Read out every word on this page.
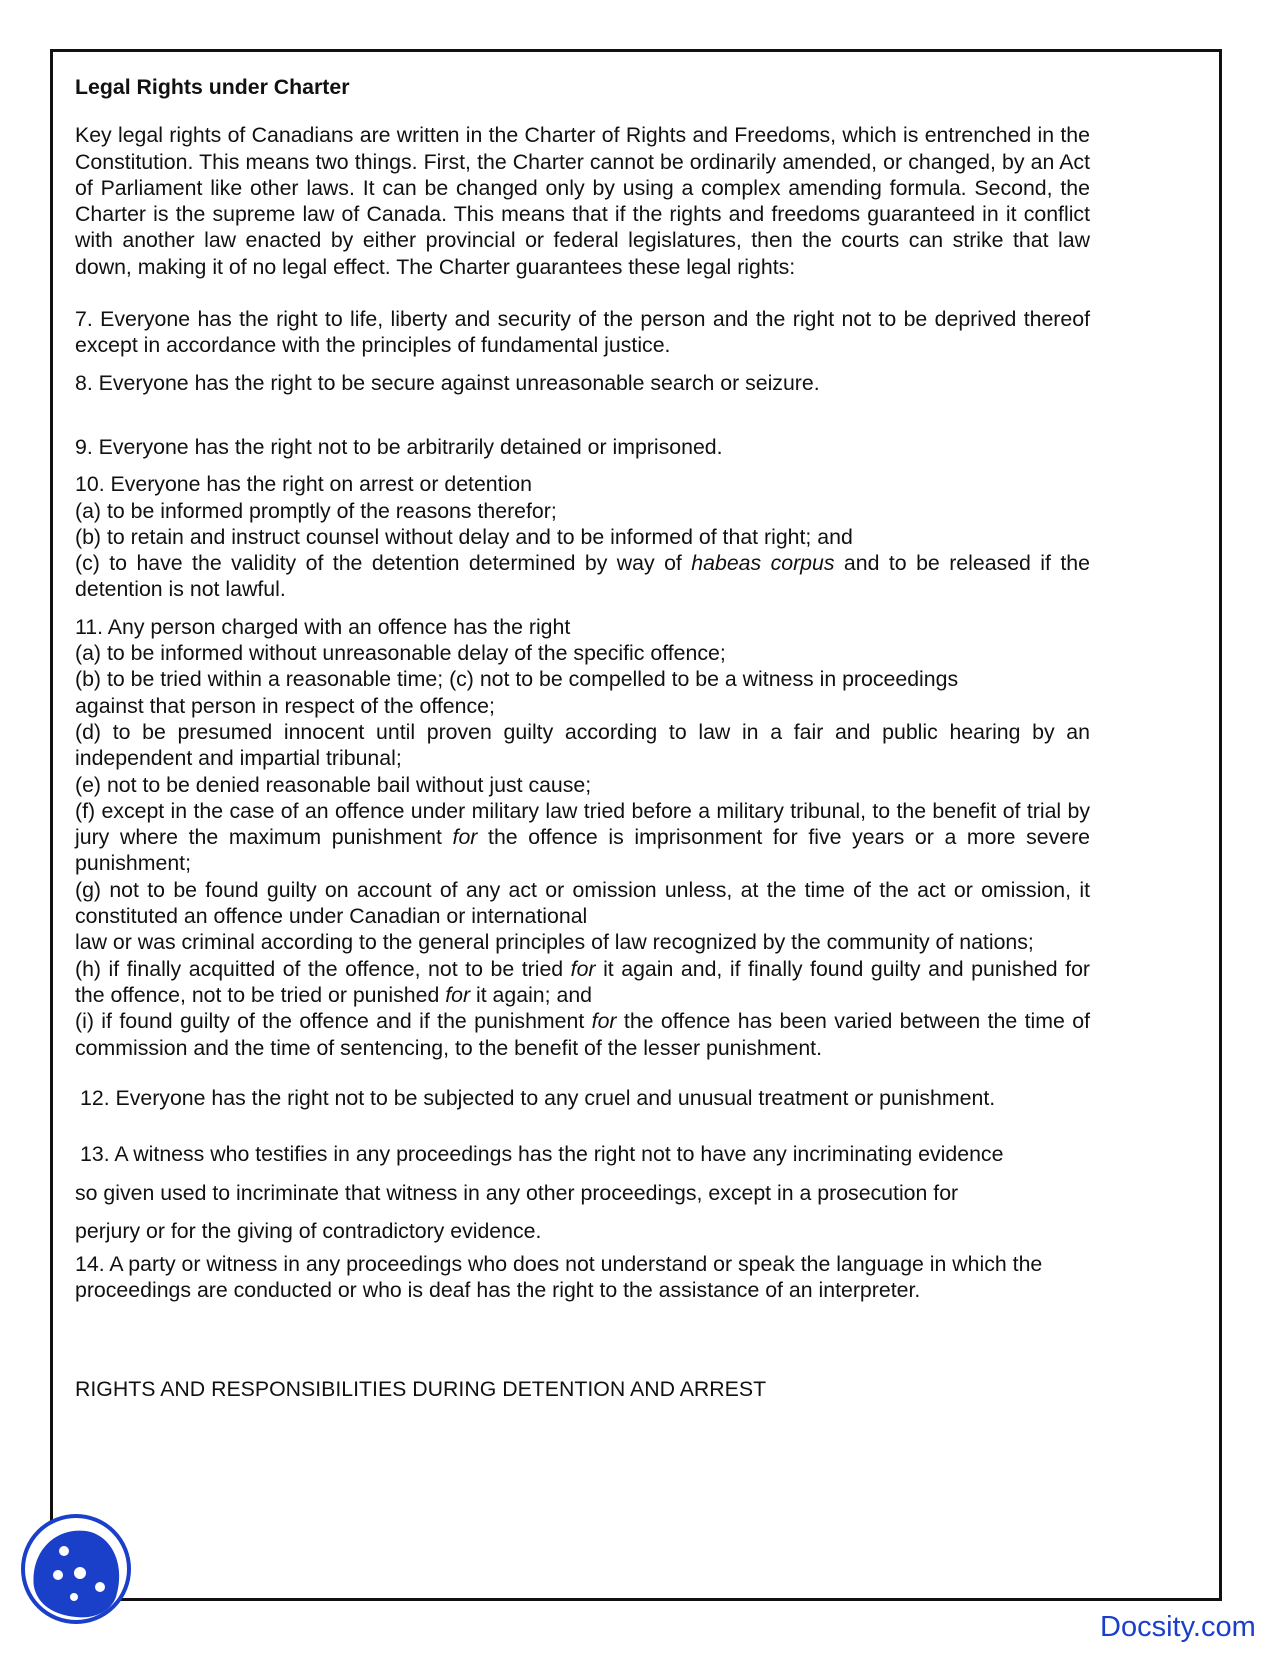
Legal Rights under Charter

Key legal rights of Canadians are written in the Charter of Rights and Freedoms, which is entrenched in the Constitution. This means two things. First, the Charter cannot be ordinarily amended, or changed, by an Act of Parliament like other laws. It can be changed only by using a complex amending formula. Second, the Charter is the supreme law of Canada. This means that if the rights and freedoms guaranteed in it conflict with another law enacted by either provincial or federal legislatures, then the courts can strike that law down, making it of no legal effect. The Charter guarantees these legal rights:

7. Everyone has the right to life, liberty and security of the person and the right not to be deprived thereof except in accordance with the principles of fundamental justice.

8. Everyone has the right to be secure against unreasonable search or seizure.

9. Everyone has the right not to be arbitrarily detained or imprisoned.

10. Everyone has the right on arrest or detention
(a) to be informed promptly of the reasons therefor;
(b) to retain and instruct counsel without delay and to be informed of that right; and
(c) to have the validity of the detention determined by way of habeas corpus and to be released if the detention is not lawful.
11. Any person charged with an offence has the right
(a) to be informed without unreasonable delay of the specific offence;
(b) to be tried within a reasonable time; (c) not to be compelled to be a witness in proceedings against that person in respect of the offence;
(d) to be presumed innocent until proven guilty according to law in a fair and public hearing by an independent and impartial tribunal;
(e) not to be denied reasonable bail without just cause;
(f) except in the case of an offence under military law tried before a military tribunal, to the benefit of trial by jury where the maximum punishment for the offence is imprisonment for five years or a more severe punishment;
(g) not to be found guilty on account of any act or omission unless, at the time of the act or omission, it constituted an offence under Canadian or international
law or was criminal according to the general principles of law recognized by the community of nations;
(h) if finally acquitted of the offence, not to be tried for it again and, if finally found guilty and punished for the offence, not to be tried or punished for it again; and
(i) if found guilty of the offence and if the punishment for the offence has been varied between the time of commission and the time of sentencing, to the benefit of the lesser punishment.

12. Everyone has the right not to be subjected to any cruel and unusual treatment or punishment.

13. A witness who testifies in any proceedings has the right not to have any incriminating evidence
so given used to incriminate that witness in any other proceedings, except in a prosecution for
perjury or for the giving of contradictory evidence.

14. A party or witness in any proceedings who does not understand or speak the language in which the proceedings are conducted or who is deaf has the right to the assistance of an interpreter.

RIGHTS AND RESPONSIBILITIES DURING DETENTION AND ARREST

Docsity.com
